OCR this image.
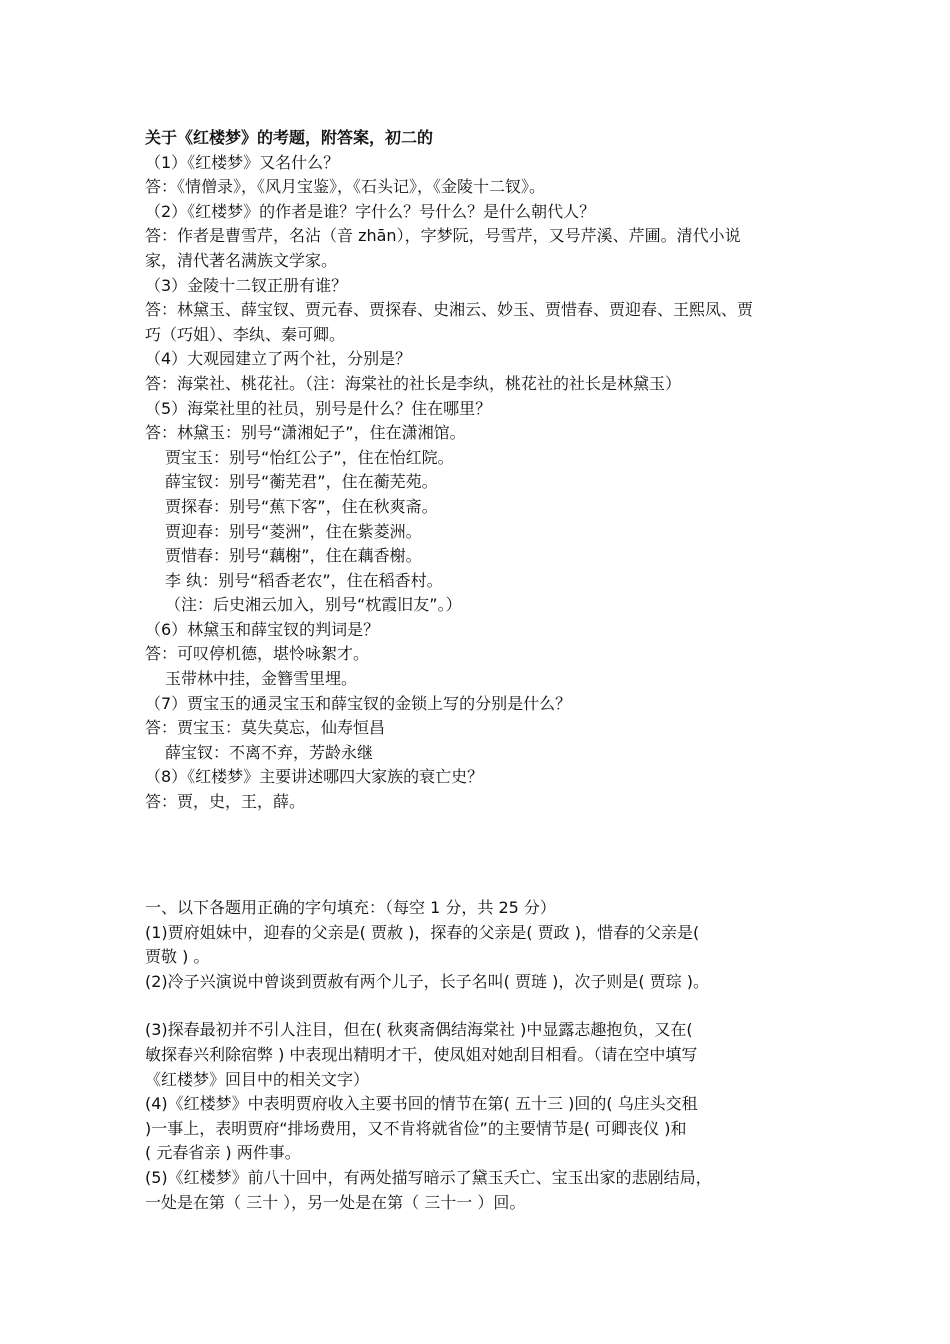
关于《红楼梦》的考题，附答案，初二的
（1）《红楼梦》又名什么？
答：《情僧录》，《风月宝鉴》，《石头记》，《金陵十二钗》。
（2）《红楼梦》的作者是谁？字什么？号什么？是什么朝代人？
答：作者是曹雪芹，名沾（音 zhān），字梦阮，号雪芹，又号芹溪、芹圃。清代小说
家，清代著名满族文学家。
（3）金陵十二钗正册有谁？
答：林黛玉、薛宝钗、贾元春、贾探春、史湘云、妙玉、贾惜春、贾迎春、王熙凤、贾
巧（巧姐）、李纨、秦可卿。
（4）大观园建立了两个社，分别是？
答：海棠社、桃花社。（注：海棠社的社长是李纨，桃花社的社长是林黛玉）
（5）海棠社里的社员，别号是什么？住在哪里？
答：林黛玉：别号“潇湘妃子”，住在潇湘馆。
贾宝玉：别号“怡红公子”，住在怡红院。
薛宝钗：别号“蘅芜君”，住在蘅芜苑。
贾探春：别号“蕉下客”，住在秋爽斋。
贾迎春：别号“菱洲”，住在紫菱洲。
贾惜春：别号“藕榭”，住在藕香榭。
李 纨：别号“稻香老农”，住在稻香村。
（注：后史湘云加入，别号“枕霞旧友”。）
（6）林黛玉和薛宝钗的判词是？
答：可叹停机德，堪怜咏絮才。
玉带林中挂，金簪雪里埋。
（7）贾宝玉的通灵宝玉和薛宝钗的金锁上写的分别是什么？
答：贾宝玉：莫失莫忘，仙寿恒昌
薛宝钗：不离不弃，芳龄永继
（8）《红楼梦》主要讲述哪四大家族的衰亡史？
答：贾，史，王，薛。
一、以下各题用正确的字句填充：（每空 1 分，共 25 分）
(1)贾府姐妹中，迎春的父亲是( 贾赦 )，探春的父亲是( 贾政 )，惜春的父亲是(
贾敬 ) 。
(2)冷子兴演说中曾谈到贾赦有两个儿子，长子名叫( 贾琏 )，次子则是( 贾琮 )。
(3)探春最初并不引人注目，但在( 秋爽斋偶结海棠社 )中显露志趣抱负，又在(
敏探春兴利除宿弊 ) 中表现出精明才干，使凤姐对她刮目相看。（请在空中填写
《红楼梦》回目中的相关文字）
(4)《红楼梦》中表明贾府收入主要书回的情节在第( 五十三 )回的( 乌庄头交租
)一事上，表明贾府“排场费用，又不肯将就省俭”的主要情节是( 可卿丧仪 )和
( 元春省亲 ) 两件事。
(5)《红楼梦》前八十回中，有两处描写暗示了黛玉夭亡、宝玉出家的悲剧结局，
一处是在第（ 三十 ），另一处是在第（ 三十一 ）回。
